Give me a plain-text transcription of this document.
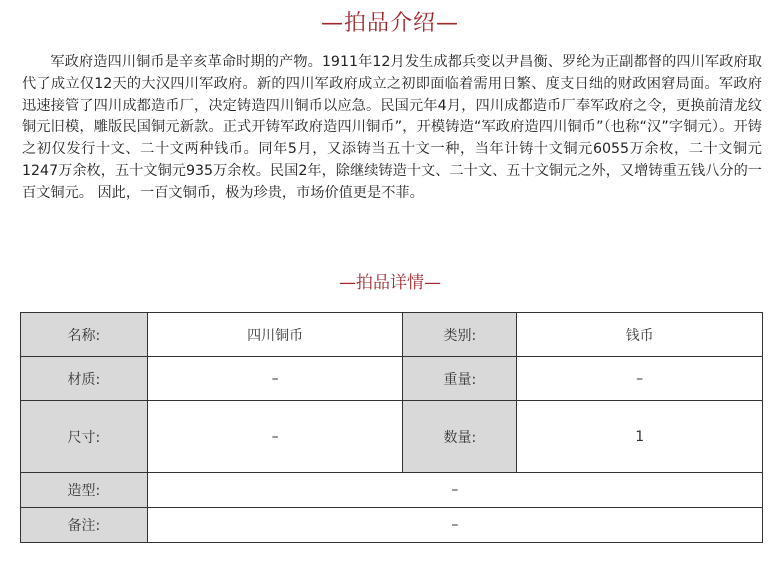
—拍品介绍—

军政府造四川铜币是辛亥革命时期的产物。1911年12月发生成都兵变以尹昌衡、罗纶为正副都督的四川军政府取代了成立仅12天的大汉四川军政府。新的四川军政府成立之初即面临着需用日繁、度支日绌的财政困窘局面。军政府迅速接管了四川成都造币厂，决定铸造四川铜币以应急。民国元年4月，四川成都造币厂奉军政府之令，更换前清龙纹铜元旧模，雕版民国铜元新款。正式开铸军政府造四川铜币”，开模铸造“军政府造四川铜币”（也称“汉”字铜元）。开铸之初仅发行十文、二十文两种钱币。同年5月，又添铸当五十文一种，当年计铸十文铜元6055万余枚，二十文铜元1247万余枚，五十文铜元935万余枚。民国2年，除继续铸造十文、二十文、五十文铜元之外，又增铸重五钱八分的一百文铜元。 因此，一百文铜币，极为珍贵，市场价值更是不菲。

—拍品详情—
名称:	四川铜币	类别:	钱币
材质:	–	重量:	–
尺寸:	–	数量:	1
造型:	–		
备注:	–		
